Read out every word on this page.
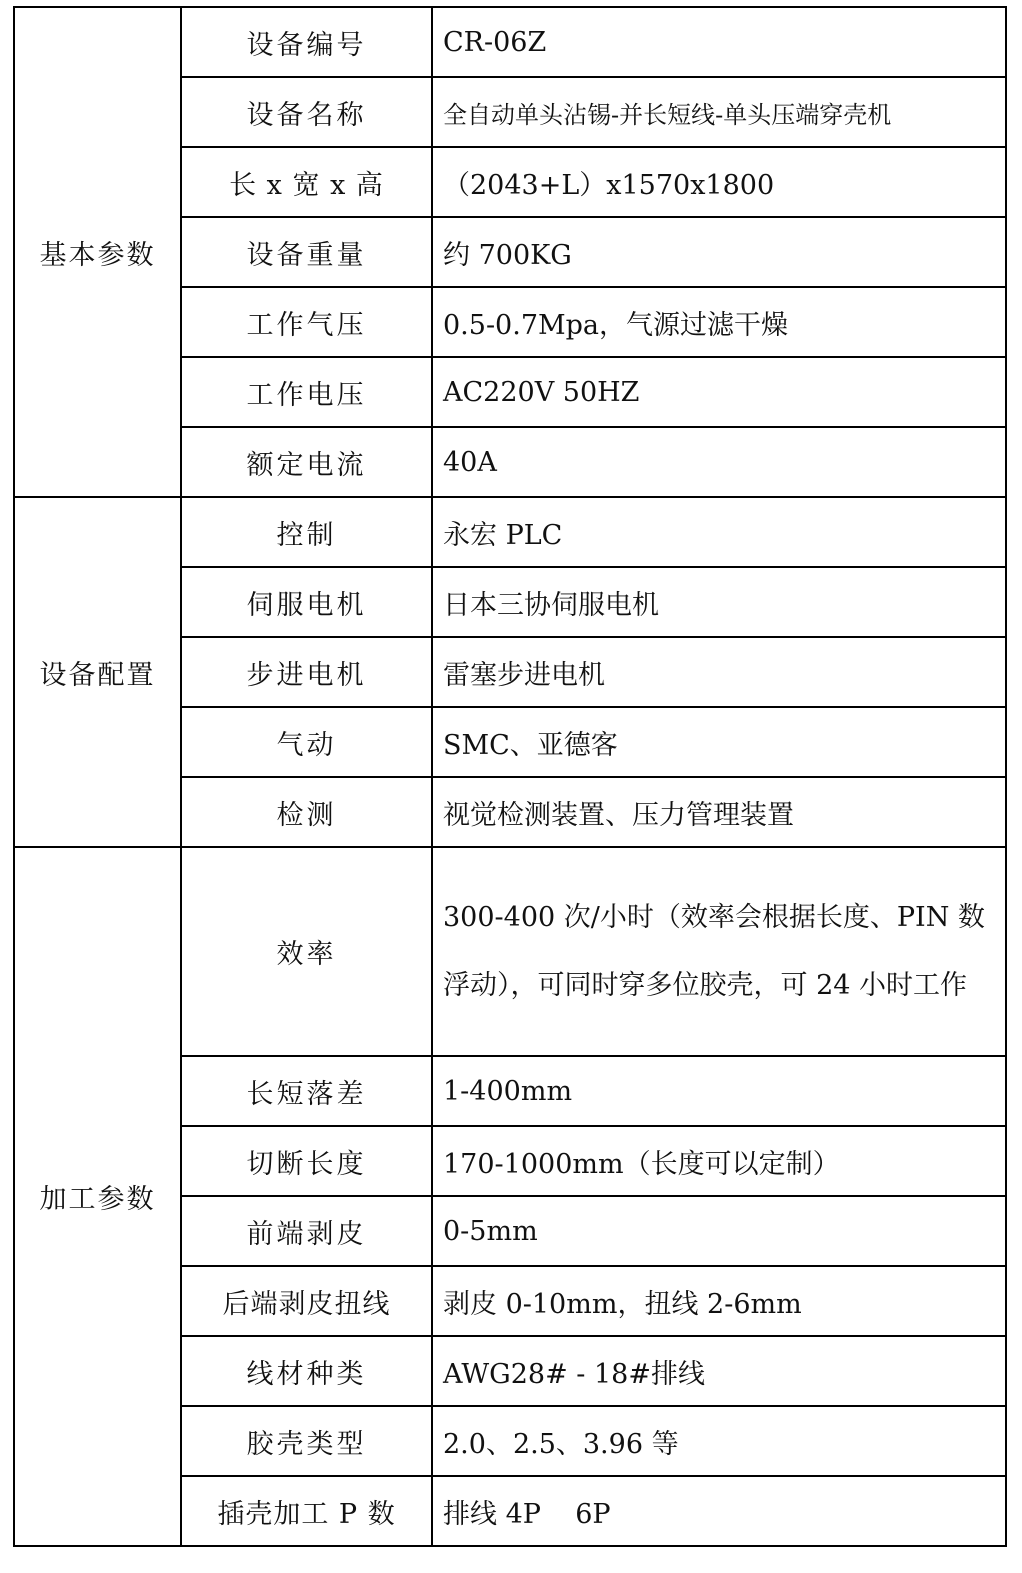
基本参数	设备编号	CR-06Z
	设备名称	全自动单头沾锡-并长短线-单头压端穿壳机
	长 x 宽 x 高	（2043+L）x1570x1800
	设备重量	约 700KG
	工作气压	0.5-0.7Mpa，气源过滤干燥
	工作电压	AC220V 50HZ
	额定电流	40A
设备配置	控制	永宏 PLC
	伺服电机	日本三协伺服电机
	步进电机	雷塞步进电机
	气动	SMC、亚德客
	检测	视觉检测装置、压力管理装置
加工参数	效率	300-400 次/小时（效率会根据长度、PIN 数浮动），可同时穿多位胶壳，可 24 小时工作
	长短落差	1-400mm
	切断长度	170-1000mm（长度可以定制）
	前端剥皮	0-5mm
	后端剥皮扭线	剥皮 0-10mm，扭线 2-6mm
	线材种类	AWG28# - 18#排线
	胶壳类型	2.0、2.5、3.96 等
	插壳加工 P 数	排线 4P    6P
